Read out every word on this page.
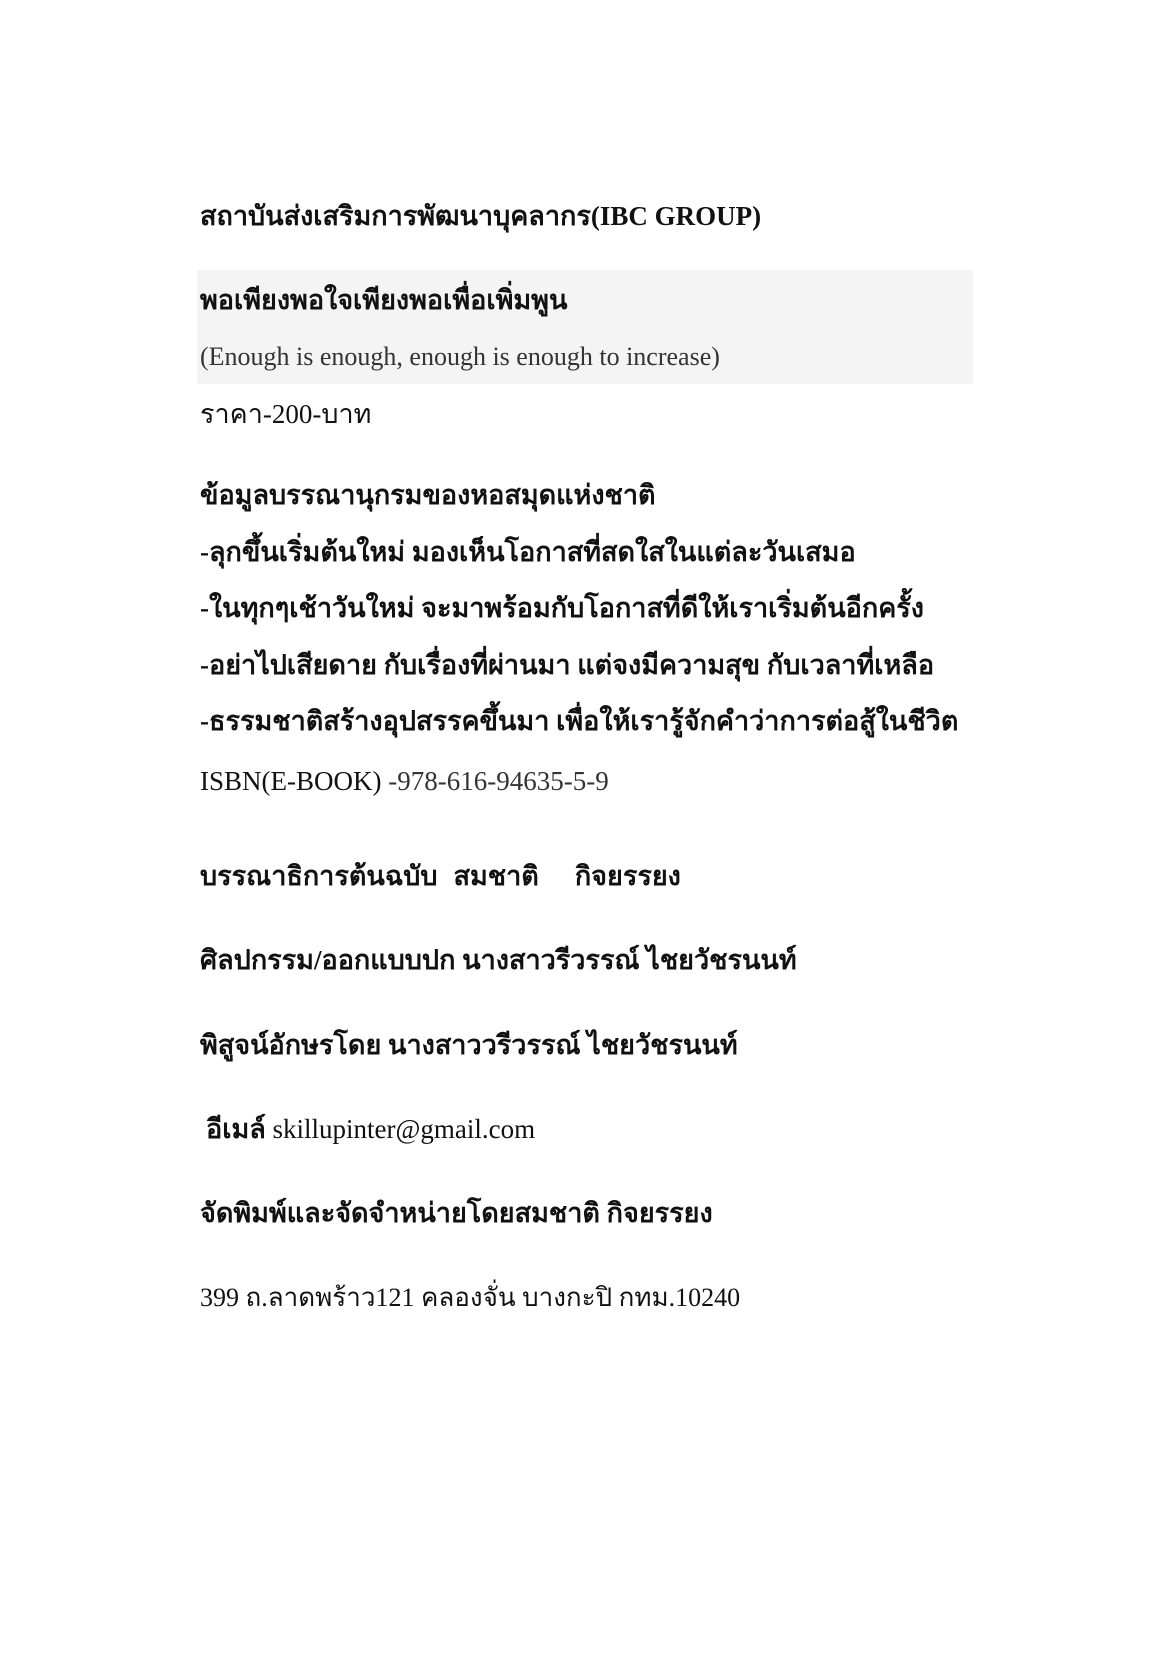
สถาบันส่งเสริมการพัฒนาบุคลากร(IBC GROUP)
พอเพียงพอใจเพียงพอเพื่อเพิ่มพูน
(Enough is enough, enough is enough to increase)
ราคา-200-บาท
ข้อมูลบรรณานุกรมของหอสมุดแห่งชาติ
-ลุกขึ้นเริ่มต้นใหม่ มองเห็นโอกาสที่สดใสในแต่ละวันเสมอ
-ในทุกๆเช้าวันใหม่ จะมาพร้อมกับโอกาสที่ดีให้เราเริ่มต้นอีกครั้ง
-อย่าไปเสียดาย กับเรื่องที่ผ่านมา แต่จงมีความสุข กับเวลาที่เหลือ
-ธรรมชาติสร้างอุปสรรคขึ้นมา เพื่อให้เรารู้จักคำว่าการต่อสู้ในชีวิต
ISBN(E-BOOK) -978-616-94635-5-9
บรรณาธิการต้นฉบับ สมชาติ กิจยรรยง
ศิลปกรรม/ออกแบบปก นางสาวรีวรรณ์ ไชยวัชรนนท์
พิสูจน์อักษรโดย นางสาววรีวรรณ์ ไชยวัชรนนท์
อีเมล์ skillupinter@gmail.com
จัดพิมพ์และจัดจำหน่ายโดยสมชาติ กิจยรรยง
399 ถ.ลาดพร้าว121 คลองจั่น บางกะปิ กทม.10240
